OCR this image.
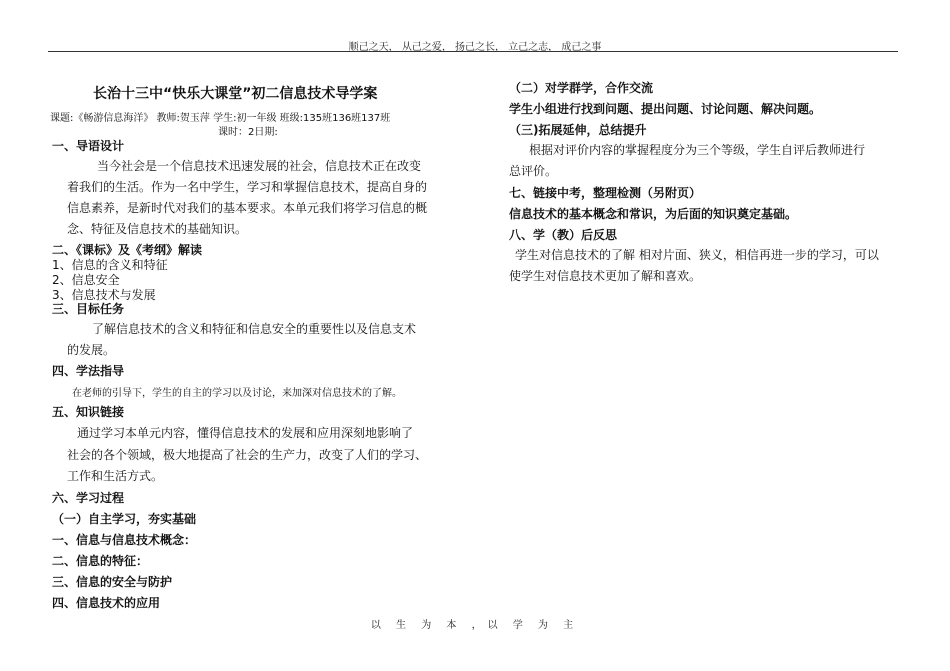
顺己之天， 从己之爱， 扬己之长， 立己之志， 成己之事
长治十三中“快乐大课堂”初二信息技术导学案
课题:《畅游信息海洋》 教师:贺玉萍 学生:初一年级 班级:135班136班137班
课时：2日期:
一、导语设计
当今社会是一个信息技术迅速发展的社会，信息技术正在改变
着我们的生活。作为一名中学生，学习和掌握信息技术，提高自身的
信息素养，是新时代对我们的基本要求。本单元我们将学习信息的概
念、特征及信息技术的基础知识。
二、《课标》及《考纲》解读
1、信息的含义和特征
2、信息安全
3、信息技术与发展
三、目标任务
了解信息技术的含义和特征和信息安全的重要性以及信息支术
的发展。
四、学法指导
在老师的引导下，学生的自主的学习以及讨论，来加深对信息技术的了解。
五、知识链接
通过学习本单元内容，懂得信息技术的发展和应用深刻地影响了
社会的各个领域，极大地提高了社会的生产力，改变了人们的学习、
工作和生活方式。
六、学习过程
（一）自主学习，夯实基础
一、信息与信息技术概念：
二、信息的特征：
三、信息的安全与防护
四、信息技术的应用
（二）对学群学，合作交流
学生小组进行找到问题、提出问题、讨论问题、解决问题。
（三)拓展延伸，总结提升
根据对评价内容的掌握程度分为三个等级，学生自评后教师进行
总评价。
七、链接中考，整理检测（另附页）
信息技术的基本概念和常识，为后面的知识奠定基础。
八、学（教）后反思
学生对信息技术的了解 相对片面、狭义，相信再进一步的学习，可以
使学生对信息技术更加了解和喜欢。
以 生 为 本 ，以 学 为 主
